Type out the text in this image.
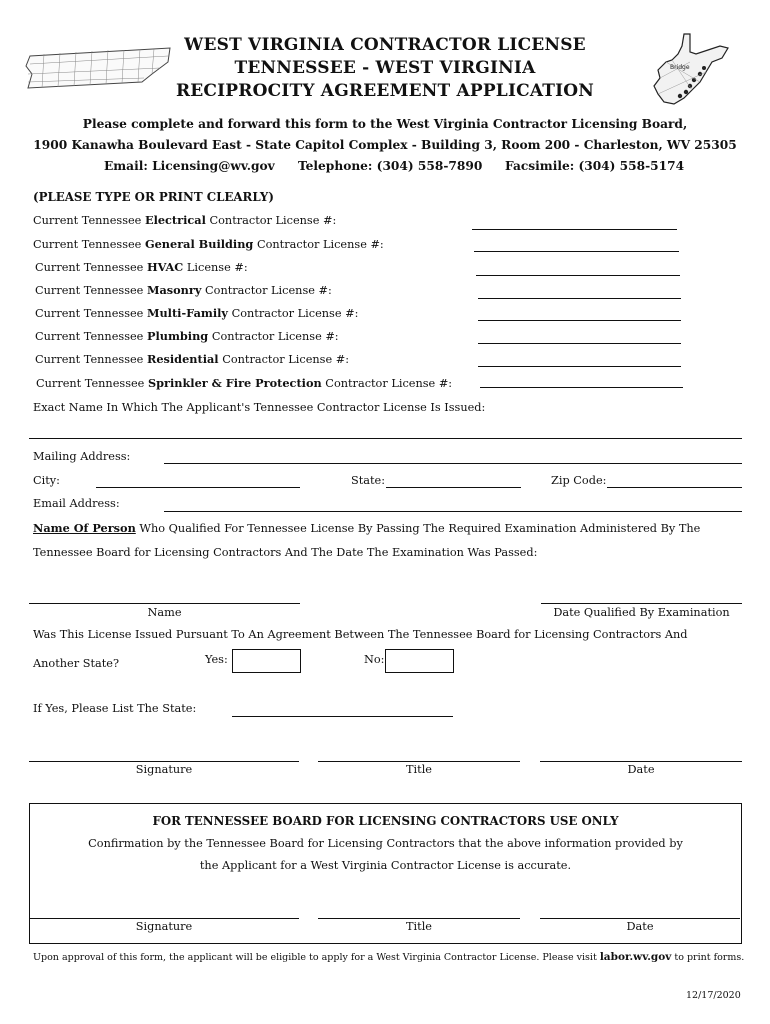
Bridge
WEST VIRGINIA CONTRACTOR LICENSE
TENNESSEE - WEST VIRGINIA
RECIPROCITY AGREEMENT APPLICATION
Please complete and forward this form to the West Virginia Contractor Licensing Board,
1900 Kanawha Boulevard East - State Capitol Complex - Building 3, Room 200 - Charleston, WV 25305
Email: Licensing@wv.gov Telephone: (304) 558-7890 Facsimile: (304) 558-5174
(PLEASE TYPE OR PRINT CLEARLY)
Current Tennessee Electrical Contractor License #:
Current Tennessee General Building Contractor License #:
Current Tennessee HVAC License #:
Current Tennessee Masonry Contractor License #:
Current Tennessee Multi-Family Contractor License #:
Current Tennessee Plumbing Contractor License #:
Current Tennessee Residential Contractor License #:
Current Tennessee Sprinkler & Fire Protection Contractor License #:
Exact Name In Which The Applicant's Tennessee Contractor License Is Issued:
Mailing Address:
City:	State:	Zip Code:
Email Address:
Name Of Person Who Qualified For Tennessee License By Passing The Required Examination Administered By The
Tennessee Board for Licensing Contractors And The Date The Examination Was Passed:
Name	Date Qualified By Examination
Was This License Issued Pursuant To An Agreement Between The Tennessee Board for Licensing Contractors And
Another State?	Yes:	No:
If Yes, Please List The State:
Signature	Title	Date
FOR TENNESSEE BOARD FOR LICENSING CONTRACTORS USE ONLY
Confirmation by the Tennessee Board for Licensing Contractors that the above information provided by
the Applicant for a West Virginia Contractor License is accurate.
Signature	Title	Date
Upon approval of this form, the applicant will be eligible to apply for a West Virginia Contractor License. Please visit labor.wv.gov to print forms.
12/17/2020
